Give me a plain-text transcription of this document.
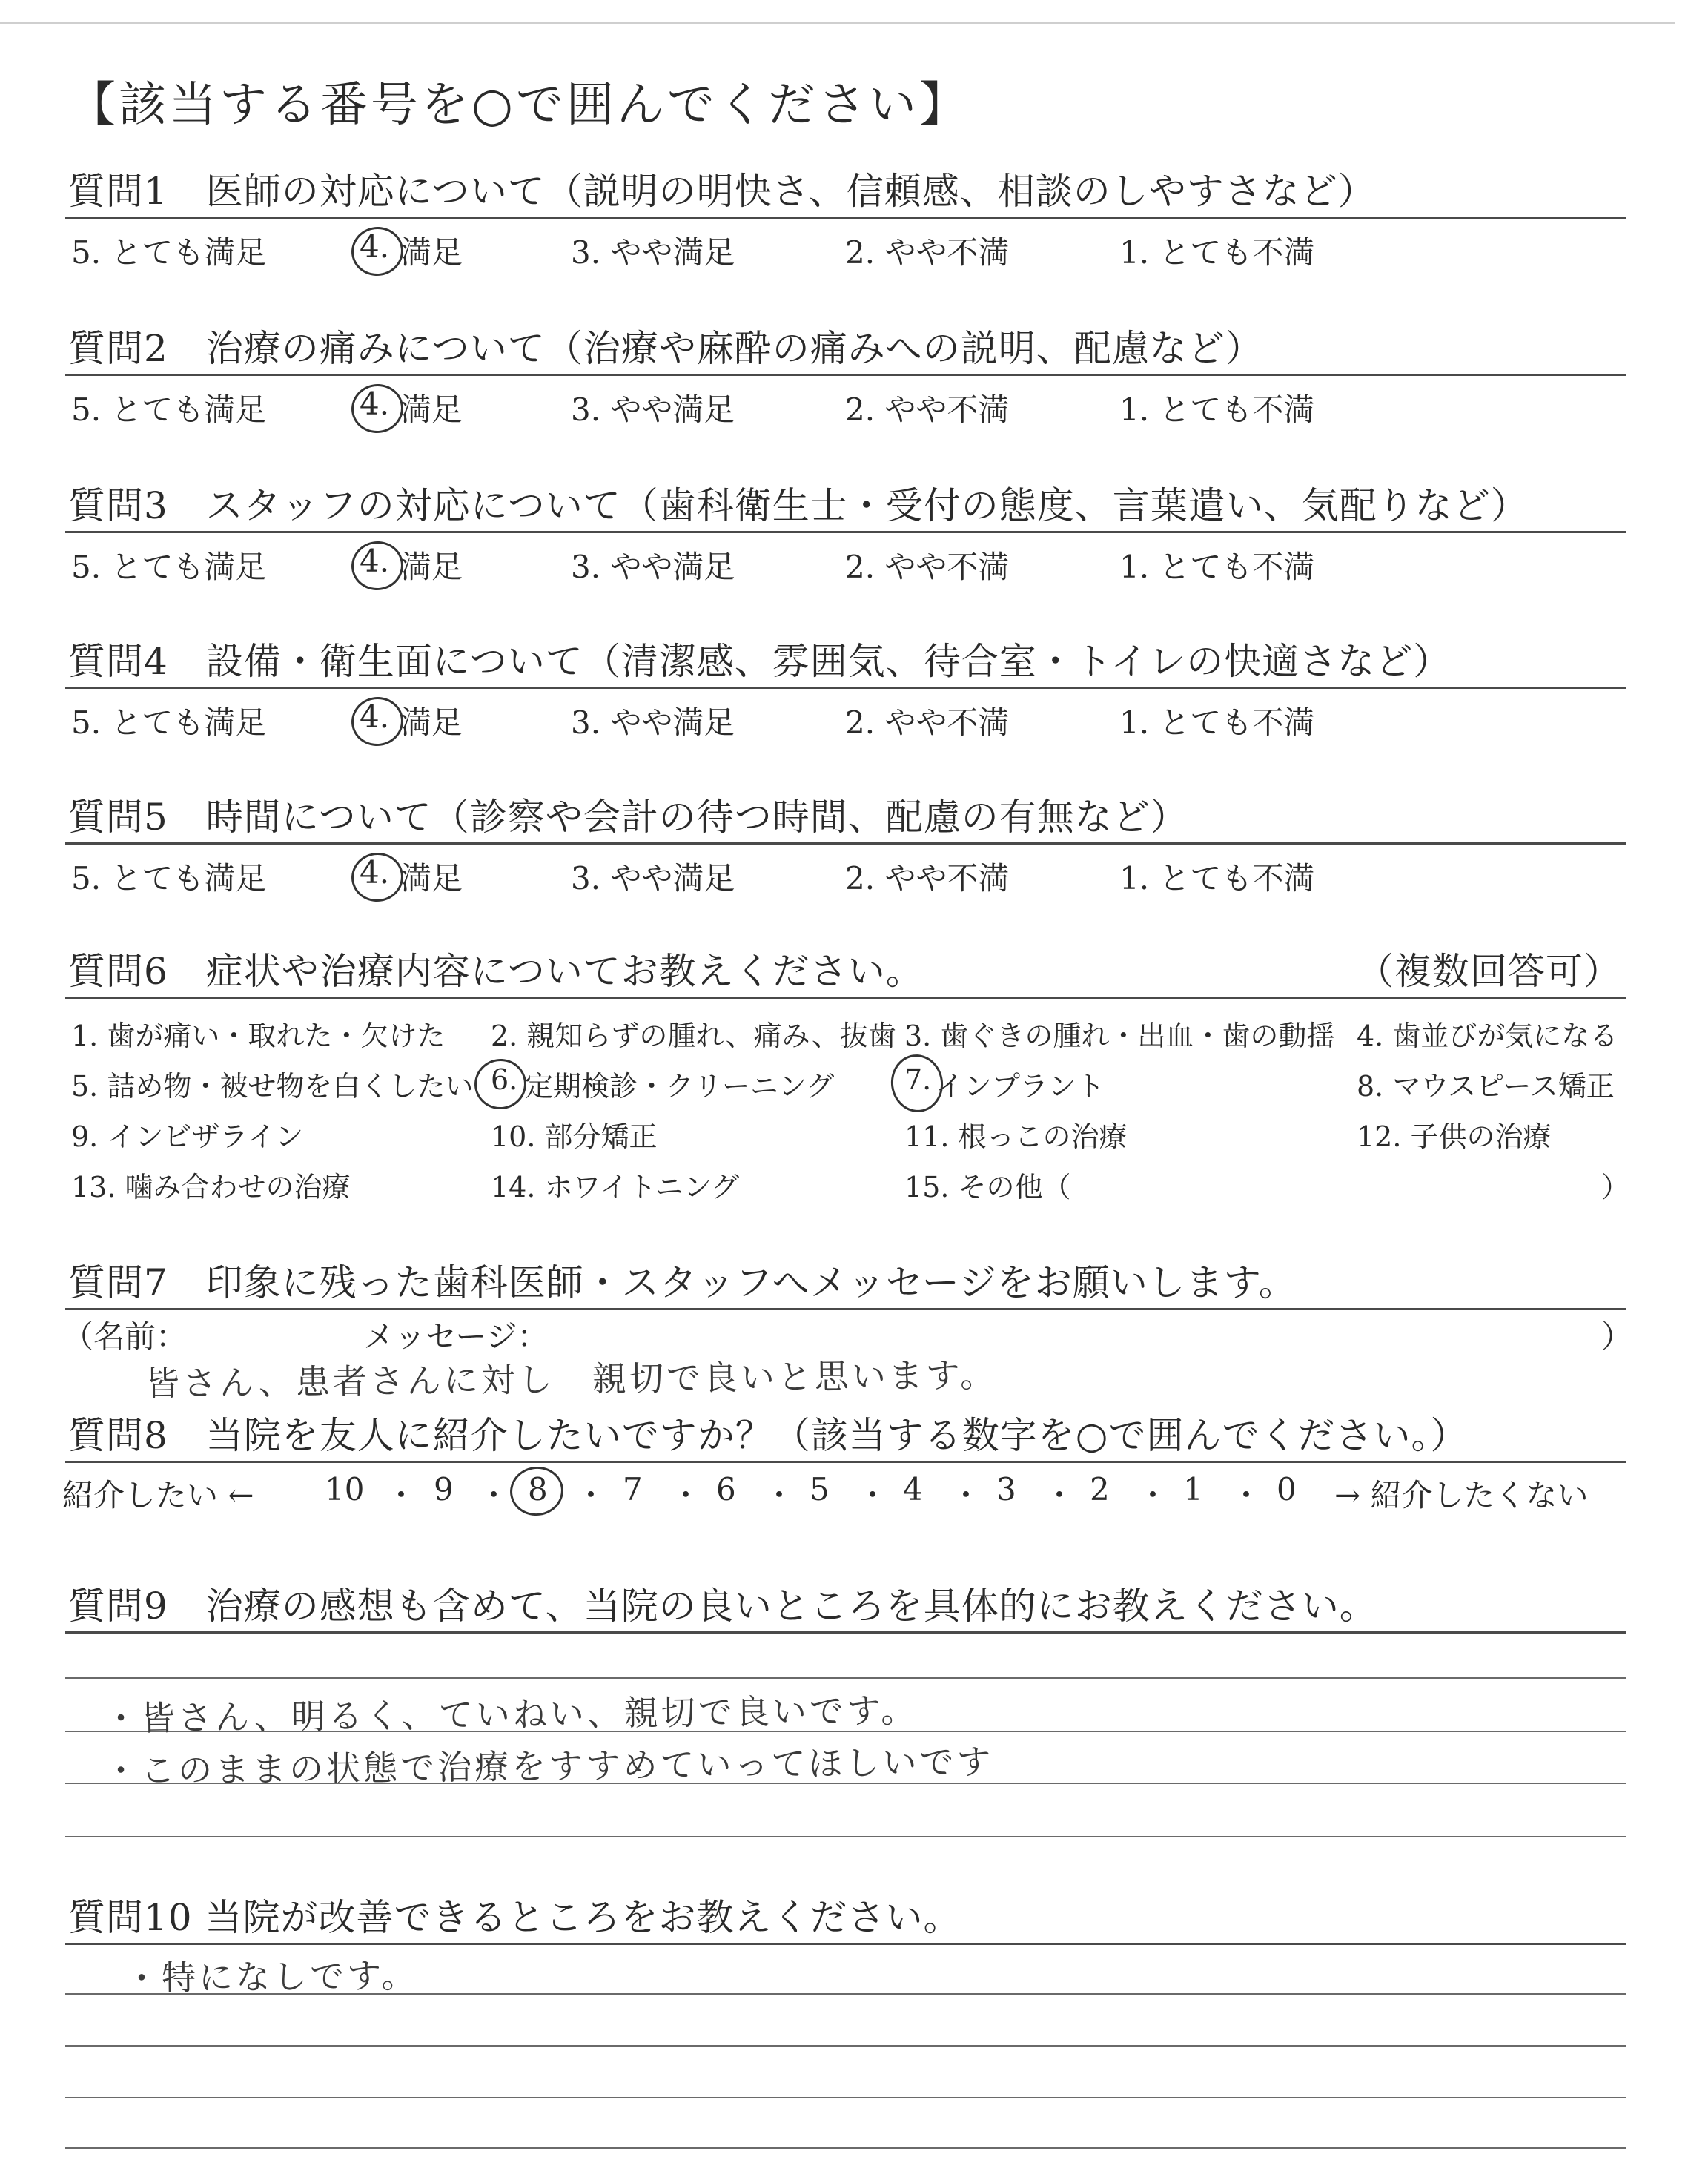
【該当する番号を○で囲んでください】
質問1　医師の対応について（説明の明快さ、信頼感、相談のしやすさなど）
5. とても満足	4. 満足	3. やや満足	2. やや不満	1. とても不満
質問2　治療の痛みについて（治療や麻酔の痛みへの説明、配慮など）
5. とても満足	4. 満足	3. やや満足	2. やや不満	1. とても不満
質問3　スタッフの対応について（歯科衛生士・受付の態度、言葉遣い、気配りなど）
5. とても満足	4. 満足	3. やや満足	2. やや不満	1. とても不満
質問4　設備・衛生面について（清潔感、雰囲気、待合室・トイレの快適さなど）
5. とても満足	4. 満足	3. やや満足	2. やや不満	1. とても不満
質問5　時間について（診察や会計の待つ時間、配慮の有無など）
5. とても満足	4. 満足	3. やや満足	2. やや不満	1. とても不満
質問6　症状や治療内容についてお教えください。	（複数回答可）
1. 歯が痛い・取れた・欠けた 2. 親知らずの腫れ、痛み、抜歯 3. 歯ぐきの腫れ・出血・歯の動揺 4. 歯並びが気になる
5. 詰め物・被せ物を白くしたい 6. 定期検診・クリーニング 7. インプラント	8. マウスピース矯正
9. インビザライン	10. 部分矯正	11. 根っこの治療	12. 子供の治療
13. 噛み合わせの治療	14. ホワイトニング	15. その他（	）
質問7　印象に残った歯科医師・スタッフへメッセージをお願いします。
（名前：	メッセージ：	）
皆さん、患者さんに対し　親切で良いと思います。
質問8　当院を友人に紹介したいですか？（該当する数字を○で囲んでください。）
紹介したい ← 10 ・ 9 ・ 8 ・ 7 ・ 6 ・ 5 ・ 4 ・ 3 ・ 2 ・ 1 ・ 0 → 紹介したくない
質問9　治療の感想も含めて、当院の良いところを具体的にお教えください。
・皆さん、明るく、ていねい、親切で良いです。
・このままの状態で治療をすすめていってほしいです
質問10 当院が改善できるところをお教えください。
・特になしです。
